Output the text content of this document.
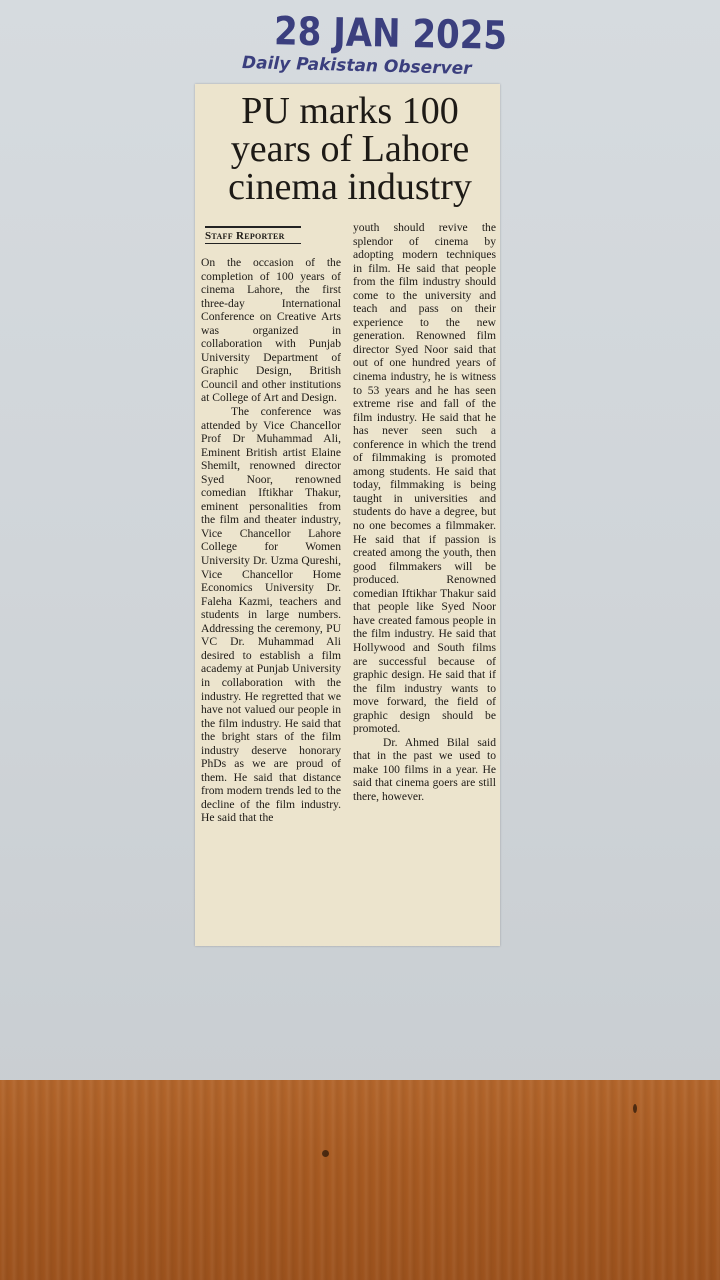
28 JAN 2025
Daily Pakistan Observer
PU marks 100 years of Lahore cinema industry
Staff Reporter

On the occasion of the completion of 100 years of cinema Lahore, the first three-day International Conference on Creative Arts was organized in collaboration with Punjab University Department of Graphic Design, British Council and other institutions at College of Art and Design.

The conference was attended by Vice Chancellor Prof Dr Muhammad Ali, Eminent British artist Elaine Shemilt, renowned director Syed Noor, renowned comedian Iftikhar Thakur, eminent personalities from the film and theater industry, Vice Chancellor Lahore College for Women University Dr. Uzma Qureshi, Vice Chancellor Home Economics University Dr. Faleha Kazmi, teachers and students in large numbers. Addressing the ceremony, PU VC Dr. Muhammad Ali desired to establish a film academy at Punjab University in collaboration with the industry. He regretted that we have not valued our people in the film industry. He said that the bright stars of the film industry deserve honorary PhDs as we are proud of them. He said that distance from modern trends led to the decline of the film industry. He said that the

youth should revive the splendor of cinema by adopting modern techniques in film. He said that people from the film industry should come to the university and teach and pass on their experience to the new generation. Renowned film director Syed Noor said that out of one hundred years of cinema industry, he is witness to 53 years and he has seen extreme rise and fall of the film industry. He said that he has never seen such a conference in which the trend of filmmaking is promoted among students. He said that today, filmmaking is being taught in universities and students do have a degree, but no one becomes a filmmaker. He said that if passion is created among the youth, then good filmmakers will be produced. Renowned comedian Iftikhar Thakur said that people like Syed Noor have created famous people in the film industry. He said that Hollywood and South films are successful because of graphic design. He said that if the film industry wants to move forward, the field of graphic design should be promoted.

Dr. Ahmed Bilal said that in the past we used to make 100 films in a year. He said that cinema goers are still there, however.
